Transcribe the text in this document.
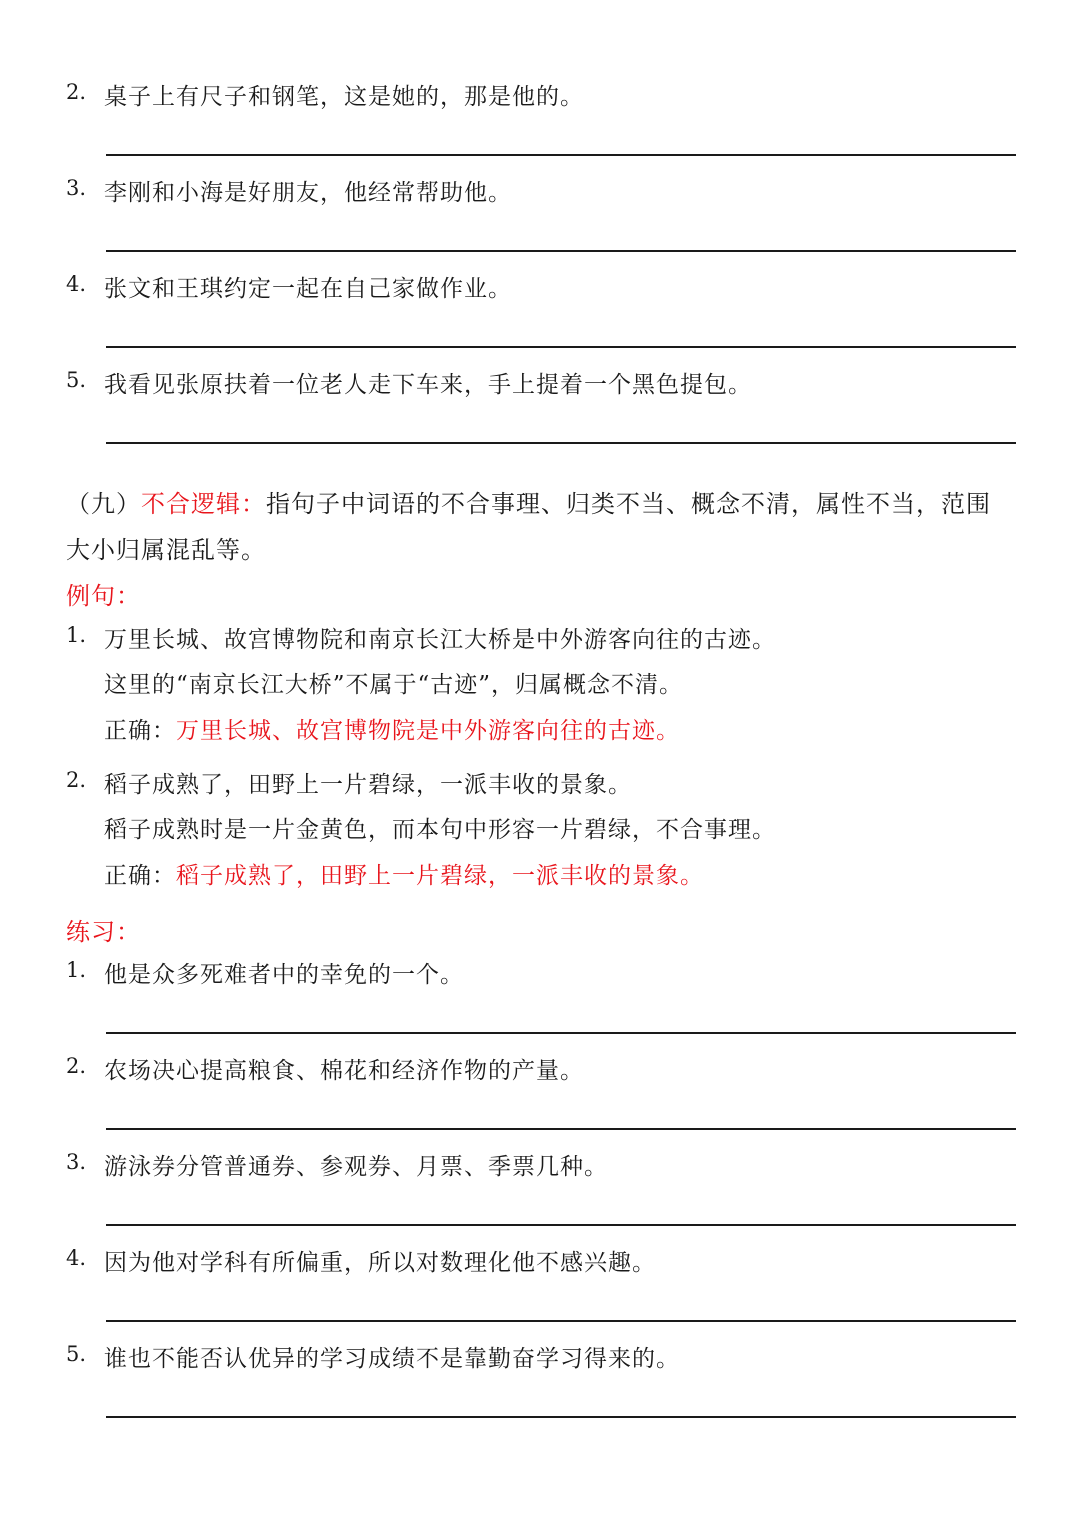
2. 桌子上有尺子和钢笔，这是她的，那是他的。
3. 李刚和小海是好朋友，他经常帮助他。
4. 张文和王琪约定一起在自己家做作业。
5. 我看见张原扶着一位老人走下车来，手上提着一个黑色提包。
（九）不合逻辑：指句子中词语的不合事理、归类不当、概念不清，属性不当，范围
大小归属混乱等。
例句：
1. 万里长城、故宫博物院和南京长江大桥是中外游客向往的古迹。
这里的“南京长江大桥”不属于“古迹”，归属概念不清。
正确：万里长城、故宫博物院是中外游客向往的古迹。
2. 稻子成熟了，田野上一片碧绿，一派丰收的景象。
稻子成熟时是一片金黄色，而本句中形容一片碧绿，不合事理。
正确：稻子成熟了，田野上一片碧绿，一派丰收的景象。
练习：
1. 他是众多死难者中的幸免的一个。
2. 农场决心提高粮食、棉花和经济作物的产量。
3. 游泳券分管普通券、参观券、月票、季票几种。
4. 因为他对学科有所偏重，所以对数理化他不感兴趣。
5. 谁也不能否认优异的学习成绩不是靠勤奋学习得来的。
